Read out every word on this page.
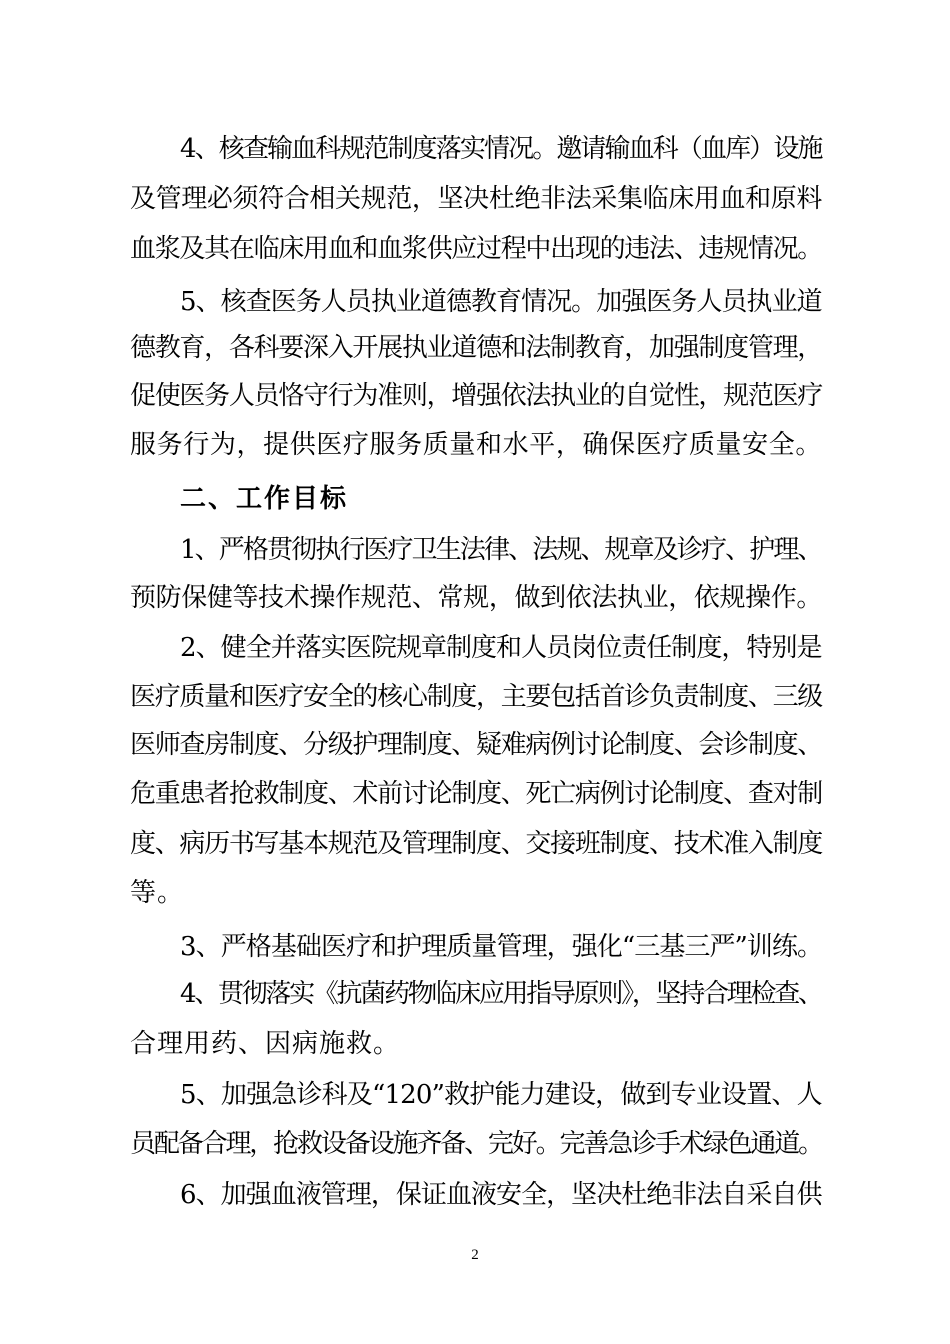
4、核查输血科规范制度落实情况。邀请输血科（血库）设施
及管理必须符合相关规范，坚决杜绝非法采集临床用血和原料
血浆及其在临床用血和血浆供应过程中出现的违法、违规情况。
5、核查医务人员执业道德教育情况。加强医务人员执业道
德教育，各科要深入开展执业道德和法制教育，加强制度管理，
促使医务人员恪守行为准则，增强依法执业的自觉性，规范医疗
服务行为，提供医疗服务质量和水平，确保医疗质量安全。
二、工作目标
1、严格贯彻执行医疗卫生法律、法规、规章及诊疗、护理、
预防保健等技术操作规范、常规，做到依法执业，依规操作。
2、健全并落实医院规章制度和人员岗位责任制度，特别是
医疗质量和医疗安全的核心制度，主要包括首诊负责制度、三级
医师查房制度、分级护理制度、疑难病例讨论制度、会诊制度、
危重患者抢救制度、术前讨论制度、死亡病例讨论制度、查对制
度、病历书写基本规范及管理制度、交接班制度、技术准入制度
等。
3、严格基础医疗和护理质量管理，强化“三基三严”训练。
4、贯彻落实《抗菌药物临床应用指导原则》，坚持合理检查、
合理用药、因病施救。
5、加强急诊科及“120”救护能力建设，做到专业设置、人
员配备合理，抢救设备设施齐备、完好。完善急诊手术绿色通道。
6、加强血液管理，保证血液安全，坚决杜绝非法自采自供
2
